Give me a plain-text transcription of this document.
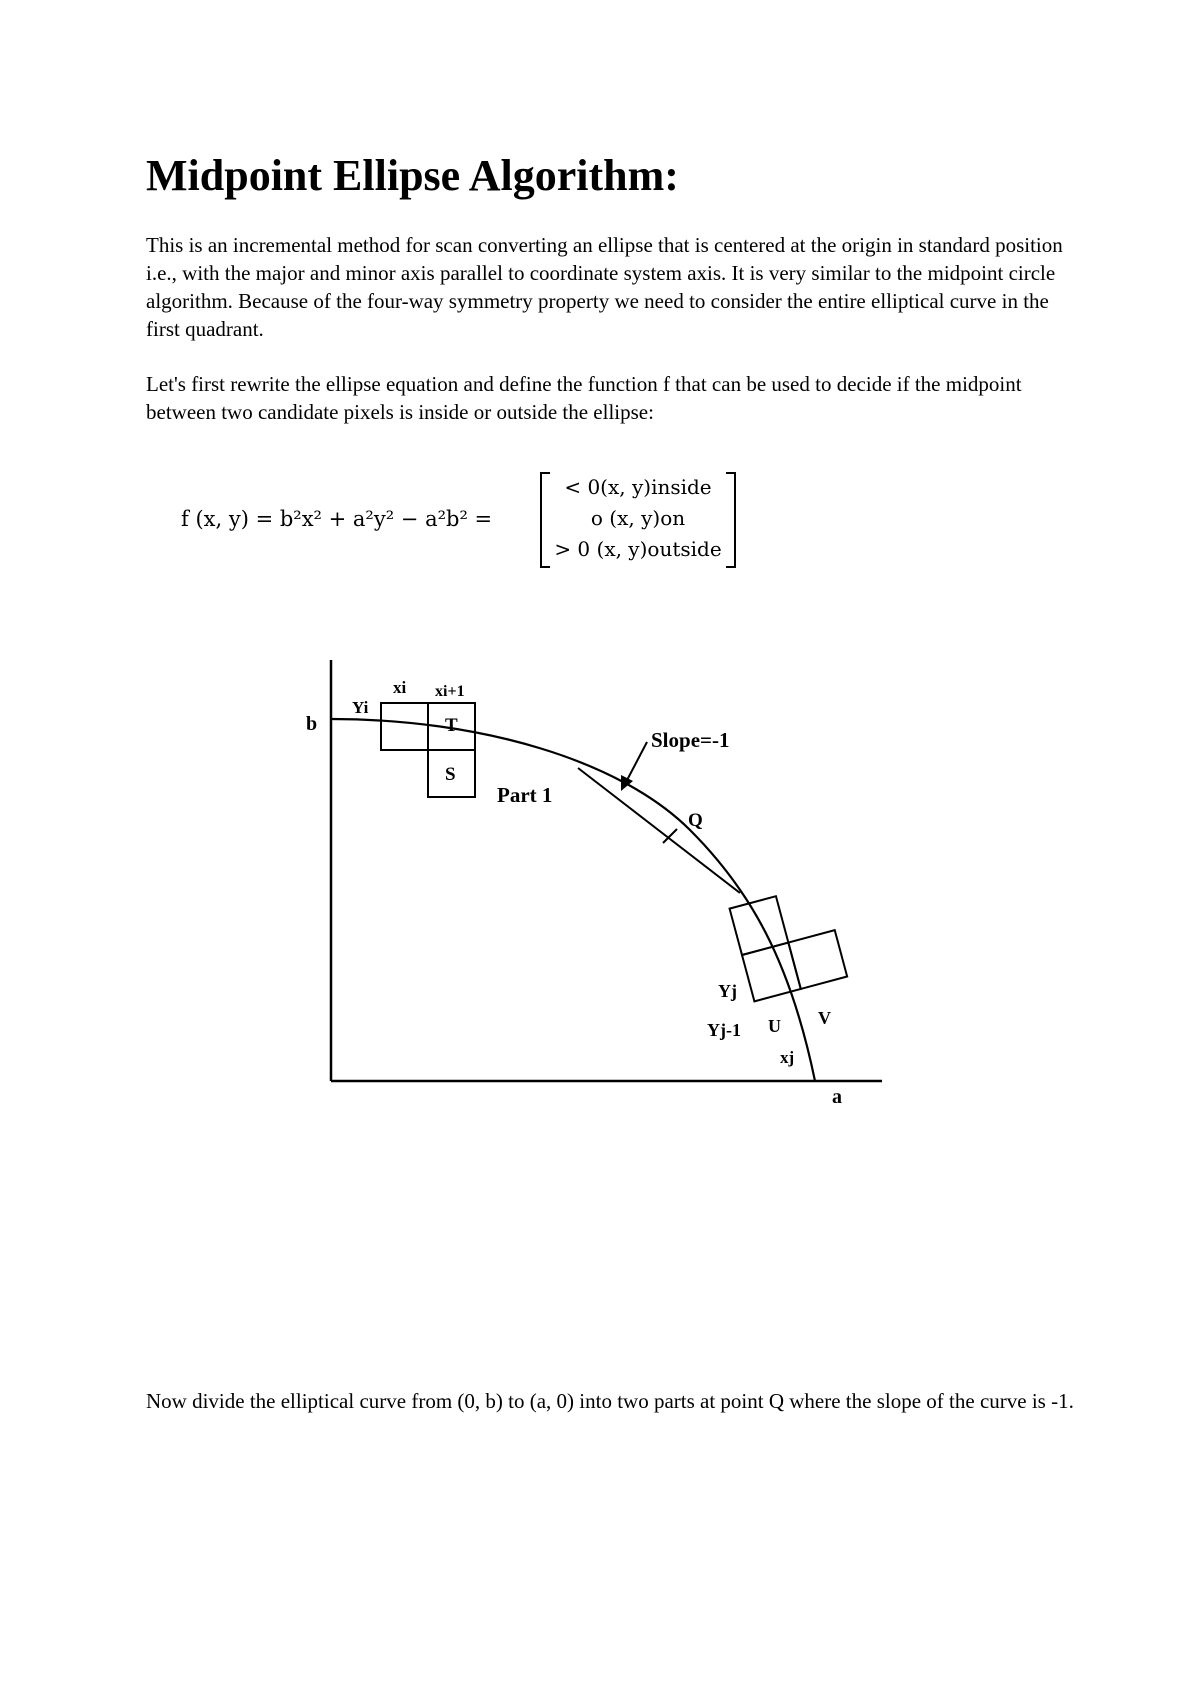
Midpoint Ellipse Algorithm:

This is an incremental method for scan converting an ellipse that is centered at the origin in standard position i.e., with the major and minor axis parallel to coordinate system axis. It is very similar to the midpoint circle algorithm. Because of the four-way symmetry property we need to consider the entire elliptical curve in the first quadrant.

Let's first rewrite the ellipse equation and define the function f that can be used to decide if the midpoint between two candidate pixels is inside or outside the ellipse:

f (x, y) = b²x² + a²y² − a²b² =
< 0(x, y)inside
o (x, y)on
> 0 (x, y)outside
b
a
xi xi+1
Yi
T
S
Part 1
Slope=-1
Q
Yj
Yj-1 U V
xj

Now divide the elliptical curve from (0, b) to (a, 0) into two parts at point Q where the slope of the curve is -1.
